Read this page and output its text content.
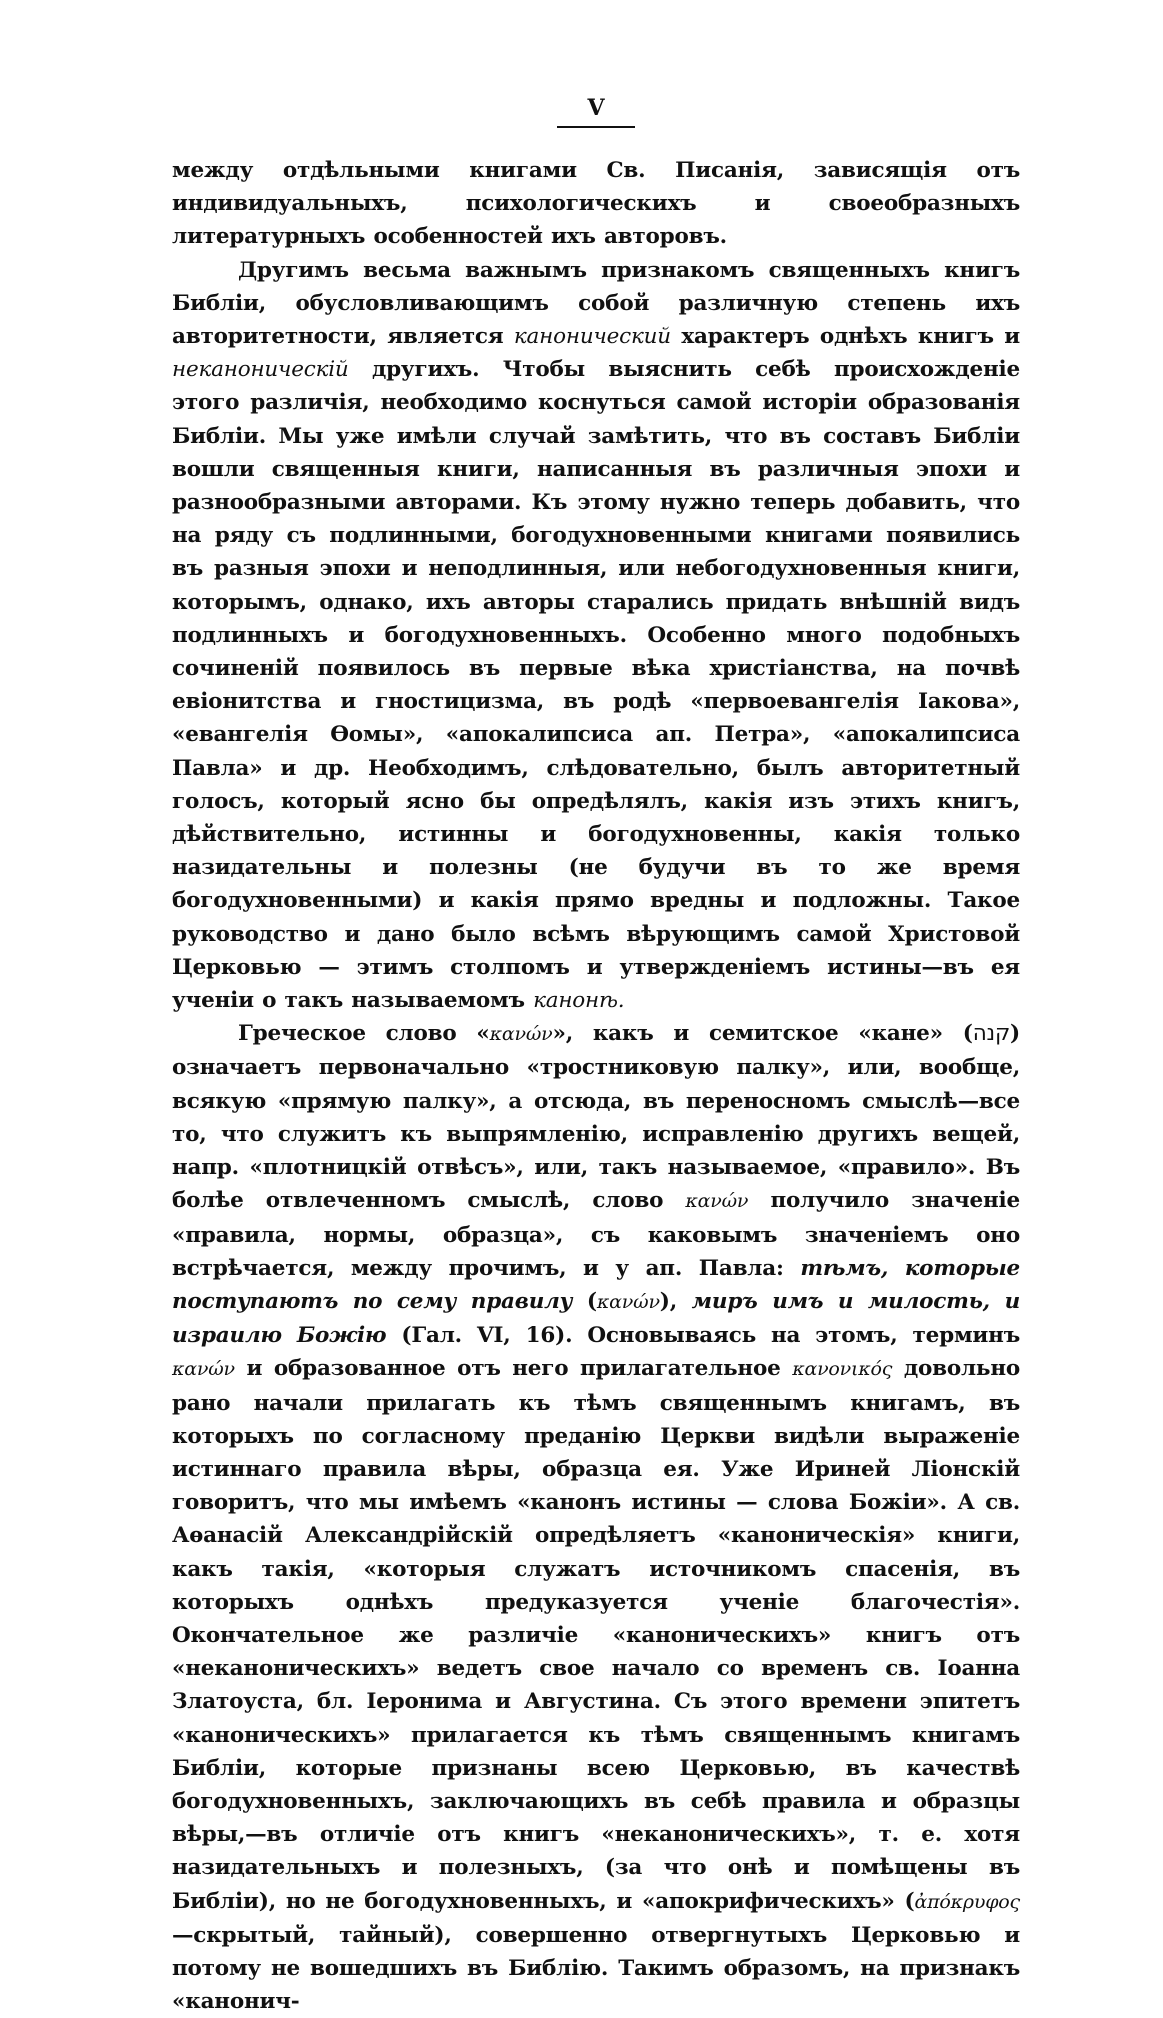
V

между отдѣльными книгами Св. Писанія, зависящія отъ индивидуальныхъ, психологическихъ и своеобразныхъ литературныхъ особенностей ихъ авторовъ.

Другимъ весьма важнымъ признакомъ священныхъ книгъ Библіи, обусловливающимъ собой различную степень ихъ авторитетности, является канонический характеръ однѣхъ книгъ и неканоническій другихъ. Чтобы выяснить себѣ происхожденіе этого различія, необходимо коснуться самой исторіи образованія Библіи. Мы уже имѣли случай замѣтить, что въ составъ Библіи вошли священныя книги, написанныя въ различныя эпохи и разнообразными авторами. Къ этому нужно теперь добавить, что на ряду съ подлинными, богодухновенными книгами появились въ разныя эпохи и неподлинныя, или небогодухновенныя книги, которымъ, однако, ихъ авторы старались придать внѣшній видъ подлинныхъ и богодухновенныхъ. Особенно много подобныхъ сочиненій появилось въ первые вѣка христіанства, на почвѣ евіонитства и гностицизма, въ родѣ «первоевангелія Іакова», «евангелія Ѳомы», «апокалипсиса ап. Петра», «апокалипсиса Павла» и др. Необходимъ, слѣдовательно, былъ авторитетный голосъ, который ясно бы опредѣлялъ, какія изъ этихъ книгъ, дѣйствительно, истинны и богодухновенны, какія только назидательны и полезны (не будучи въ то же время богодухновенными) и какія прямо вредны и подложны. Такое руководство и дано было всѣмъ вѣрующимъ самой Христовой Церковью — этимъ столпомъ и утвержденіемъ истины—въ ея ученіи о такъ называемомъ канонѣ.

Греческое слово «κανών», какъ и семитское «кане» (קנה) означаетъ первоначально «тростниковую палку», или, вообще, всякую «прямую палку», а отсюда, въ переносномъ смыслѣ—все то, что служитъ къ выпрямленію, исправленію другихъ вещей, напр. «плотницкій отвѣсъ», или, такъ называемое, «правило». Въ болѣе отвлеченномъ смыслѣ, слово κανών получило значеніе «правила, нормы, образца», съ каковымъ значеніемъ оно встрѣчается, между прочимъ, и у ап. Павла: тѣмъ, которые поступаютъ по сему правилу (κανών), миръ имъ и милость, и израилю Божію (Гал. VI, 16). Основываясь на этомъ, терминъ κανών и образованное отъ него прилагательное κανονικός довольно рано начали прилагать къ тѣмъ священнымъ книгамъ, въ которыхъ по согласному преданію Церкви видѣли выраженіе истиннаго правила вѣры, образца ея. Уже Ириней Ліонскій говоритъ, что мы имѣемъ «канонъ истины — слова Божіи». А св. Аѳанасій Александрійскій опредѣляетъ «каноническія» книги, какъ такія, «которыя служатъ источникомъ спасенія, въ которыхъ однѣхъ предуказуется ученіе благочестія». Окончательное же различіе «каноническихъ» книгъ отъ «неканоническихъ» ведетъ свое начало со временъ св. Іоанна Златоуста, бл. Іеронима и Августина. Съ этого времени эпитетъ «каноническихъ» прилагается къ тѣмъ священнымъ книгамъ Библіи, которые признаны всею Церковью, въ качествѣ богодухновенныхъ, заключающихъ въ себѣ правила и образцы вѣры,—въ отличіе отъ книгъ «неканоническихъ», т. е. хотя назидательныхъ и полезныхъ, (за что онѣ и помѣщены въ Библіи), но не богодухновенныхъ, и «апокрифическихъ» (ἀπόκρυφος—скрытый, тайный), совершенно отвергнутыхъ Церковью и потому не вошедшихъ въ Библію. Такимъ образомъ, на признакъ «канонич-
